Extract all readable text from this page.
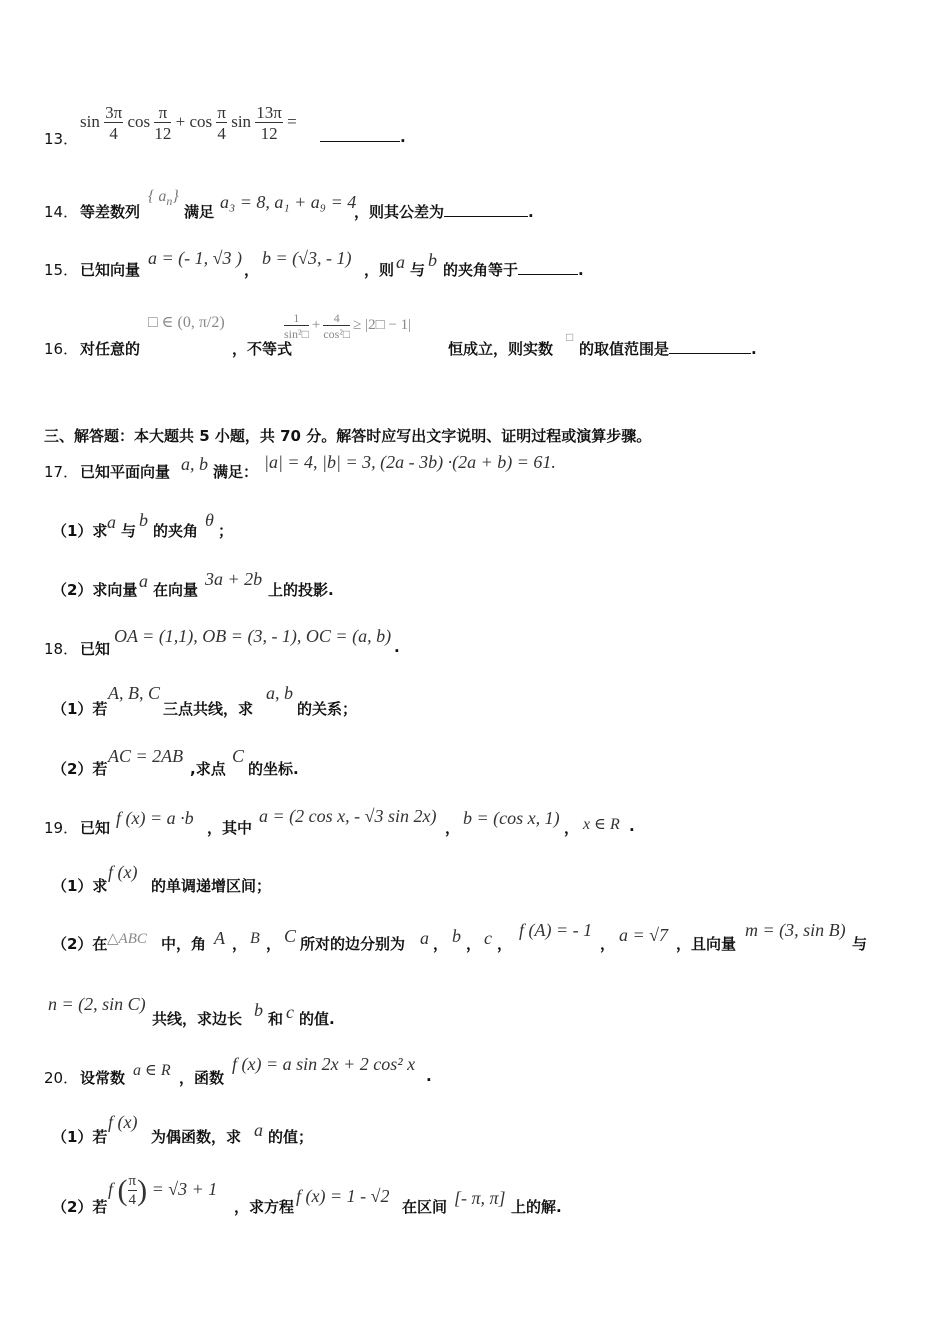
13．
$\sin \frac{3\pi}{4}$ $\cos \frac{\pi}{12} + \cos \frac{\pi}{4}$ $\sin \frac{13\pi}{12}$ =
.
14． 等差数列
{ $a_n$}
满足 a₃ = 8, a₁ + a₉ = 4
，则其公差为	.
15． 已知向量
a = (- 1, √3 )
，
b = (√3, - 1)
，则 a 与 b 的夹角等于	.
16． 对任意的
□ ∈ (0, π/2)
，不等式
$\frac{1}{\text{sin²□}} + \frac{4}{\text{cos²□}}$ ≥ |2□ − 1|
恒成立，则实数
□
的取值范围是	.
三、解答题：本大题共 5 小题，共 70 分。解答时应写出文字说明、证明过程或演算步骤。
17． 已知平面向量 a, b 满足： |a| = 4, |b| = 3, (2a - 3b) ·(2a + b) = 61.
（1）求 a 与
b
的夹角
θ
；
（2）求向量 a 在向量
3a + 2b
上的投影.
18． 已知
OA = (1,1), OB = (3, - 1), OC = (a, b)
.
（1）若
A, B, C
三点共线，求
a, b
的关系；
（2）若
AC = 2AB
,求点
C
的坐标.
19． 已知 f (x) = a ·b ，其中
a = (2 cos x, - √3 sin 2x)
， b = (cos x, 1) ， x ∈ R .
（1）求
f (x)
的单调递增区间；
（2）在 △ABC 中，角 A ， B ， C 所对的边分别为 a ， b ， c ，
f (A) = - 1
， a = √7 ，且向量
m = (3, sin B)
与
n = (2, sin C)
共线，求边长 b 和 c 的值.
20． 设常数 a ∈ R ，函数
f (x) = a sin 2x + 2 cos² x
.
（1）若
f (x)
为偶函数，求 a 的值；
（2）若
f ( $\frac{\pi}{4}$ ) = √3 + 1
，求方程
f (x) = 1 - √2
在区间 [- π, π] 上的解.
